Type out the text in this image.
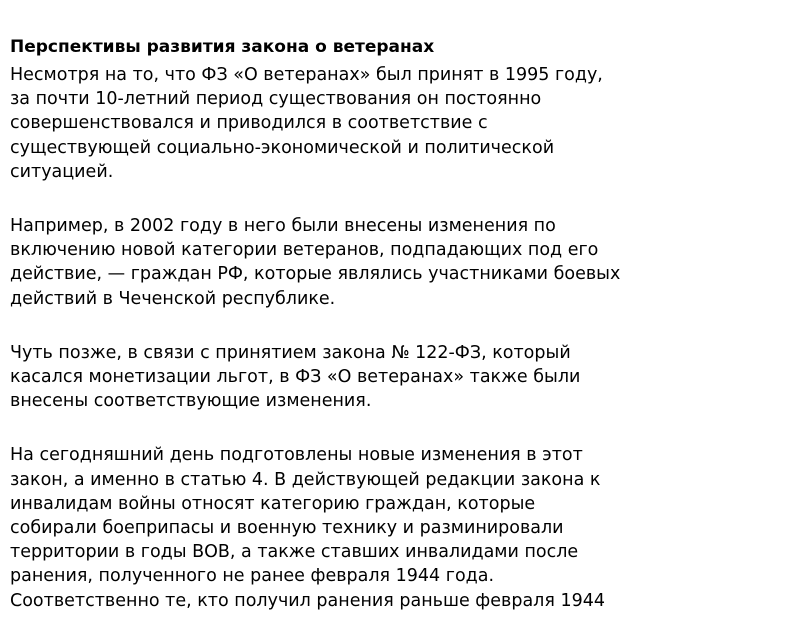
Перспективы развития закона о ветеранах
Несмотря на то, что ФЗ «О ветеранах» был принят в 1995 году,
за почти 10-летний период существования он постоянно
совершенствовался и приводился в соответствие с
существующей социально-экономической и политической
ситуацией.
Например, в 2002 году в него были внесены изменения по
включению новой категории ветеранов, подпадающих под его
действие, — граждан РФ, которые являлись участниками боевых
действий в Чеченской республике.
Чуть позже, в связи с принятием закона № 122-ФЗ, который
касался монетизации льгот, в ФЗ «О ветеранах» также были
внесены соответствующие изменения.
На сегодняшний день подготовлены новые изменения в этот
закон, а именно в статью 4. В действующей редакции закона к
инвалидам войны относят категорию граждан, которые
собирали боеприпасы и военную технику и разминировали
территории в годы ВОВ, а также ставших инвалидами после
ранения, полученного не ранее февраля 1944 года.
Соответственно те, кто получил ранения раньше февраля 1944
